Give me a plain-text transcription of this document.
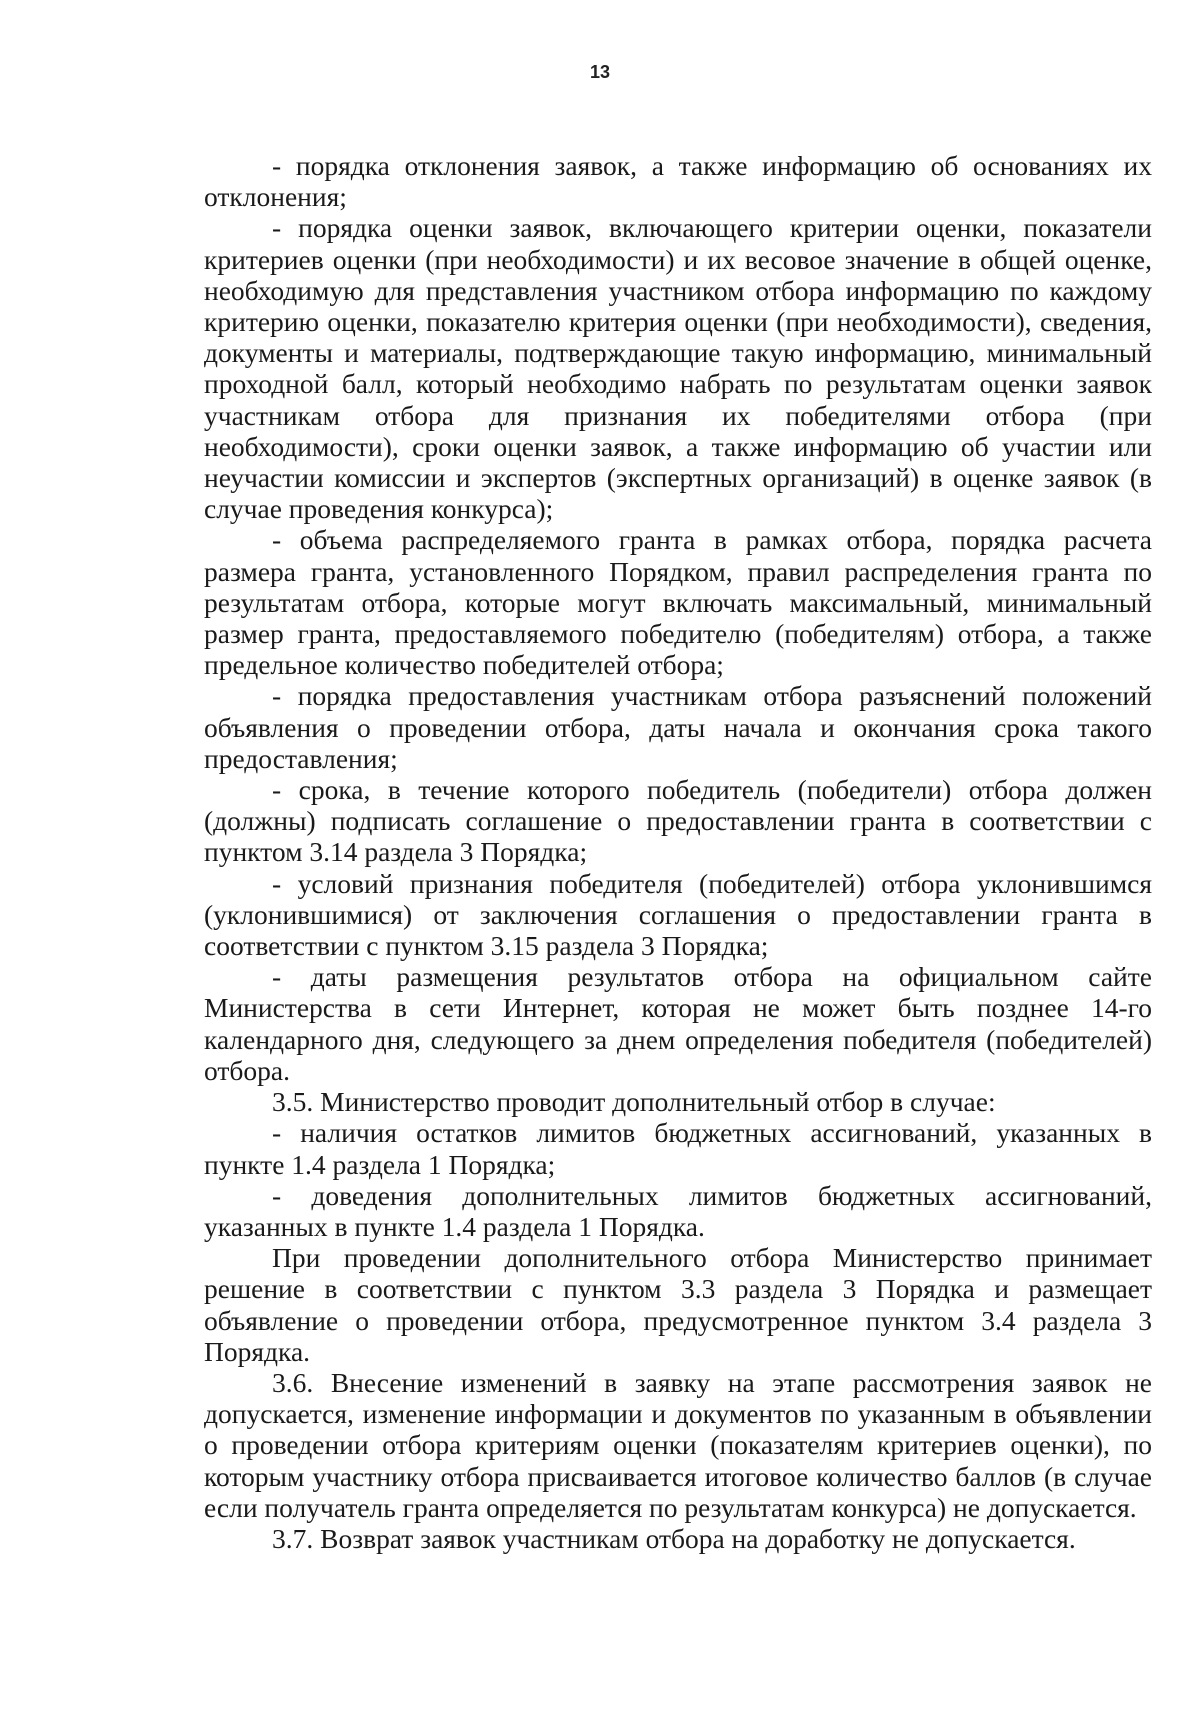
13

- порядка отклонения заявок, а также информацию об основаниях их отклонения;

- порядка оценки заявок, включающего критерии оценки, показатели критериев оценки (при необходимости) и их весовое значение в общей оценке, необходимую для представления участником отбора информацию по каждому критерию оценки, показателю критерия оценки (при необходимости), сведения, документы и материалы, подтверждающие такую информацию, минимальный проходной балл, который необходимо набрать по результатам оценки заявок участникам отбора для признания их победителями отбора (при необходимости), сроки оценки заявок, а также информацию об участии или неучастии комиссии и экспертов (экспертных организаций) в оценке заявок (в случае проведения конкурса);

- объема распределяемого гранта в рамках отбора, порядка расчета размера гранта, установленного Порядком, правил распределения гранта по результатам отбора, которые могут включать максимальный, минимальный размер гранта, предоставляемого победителю (победителям) отбора, а также предельное количество победителей отбора;

- порядка предоставления участникам отбора разъяснений положений объявления о проведении отбора, даты начала и окончания срока такого предоставления;

- срока, в течение которого победитель (победители) отбора должен (должны) подписать соглашение о предоставлении гранта в соответствии с пунктом 3.14 раздела 3 Порядка;

- условий признания победителя (победителей) отбора уклонившимся (уклонившимися) от заключения соглашения о предоставлении гранта в соответствии с пунктом 3.15 раздела 3 Порядка;

- даты размещения результатов отбора на официальном сайте Министерства в сети Интернет, которая не может быть позднее 14-го календарного дня, следующего за днем определения победителя (победителей) отбора.

3.5. Министерство проводит дополнительный отбор в случае:

- наличия остатков лимитов бюджетных ассигнований, указанных в пункте 1.4 раздела 1 Порядка;

- доведения дополнительных лимитов бюджетных ассигнований, указанных в пункте 1.4 раздела 1 Порядка.

При проведении дополнительного отбора Министерство принимает решение в соответствии с пунктом 3.3 раздела 3 Порядка и размещает объявление о проведении отбора, предусмотренное пунктом 3.4 раздела 3 Порядка.

3.6. Внесение изменений в заявку на этапе рассмотрения заявок не допускается, изменение информации и документов по указанным в объявлении о проведении отбора критериям оценки (показателям критериев оценки), по которым участнику отбора присваивается итоговое количество баллов (в случае если получатель гранта определяется по результатам конкурса) не допускается.

3.7. Возврат заявок участникам отбора на доработку не допускается.
